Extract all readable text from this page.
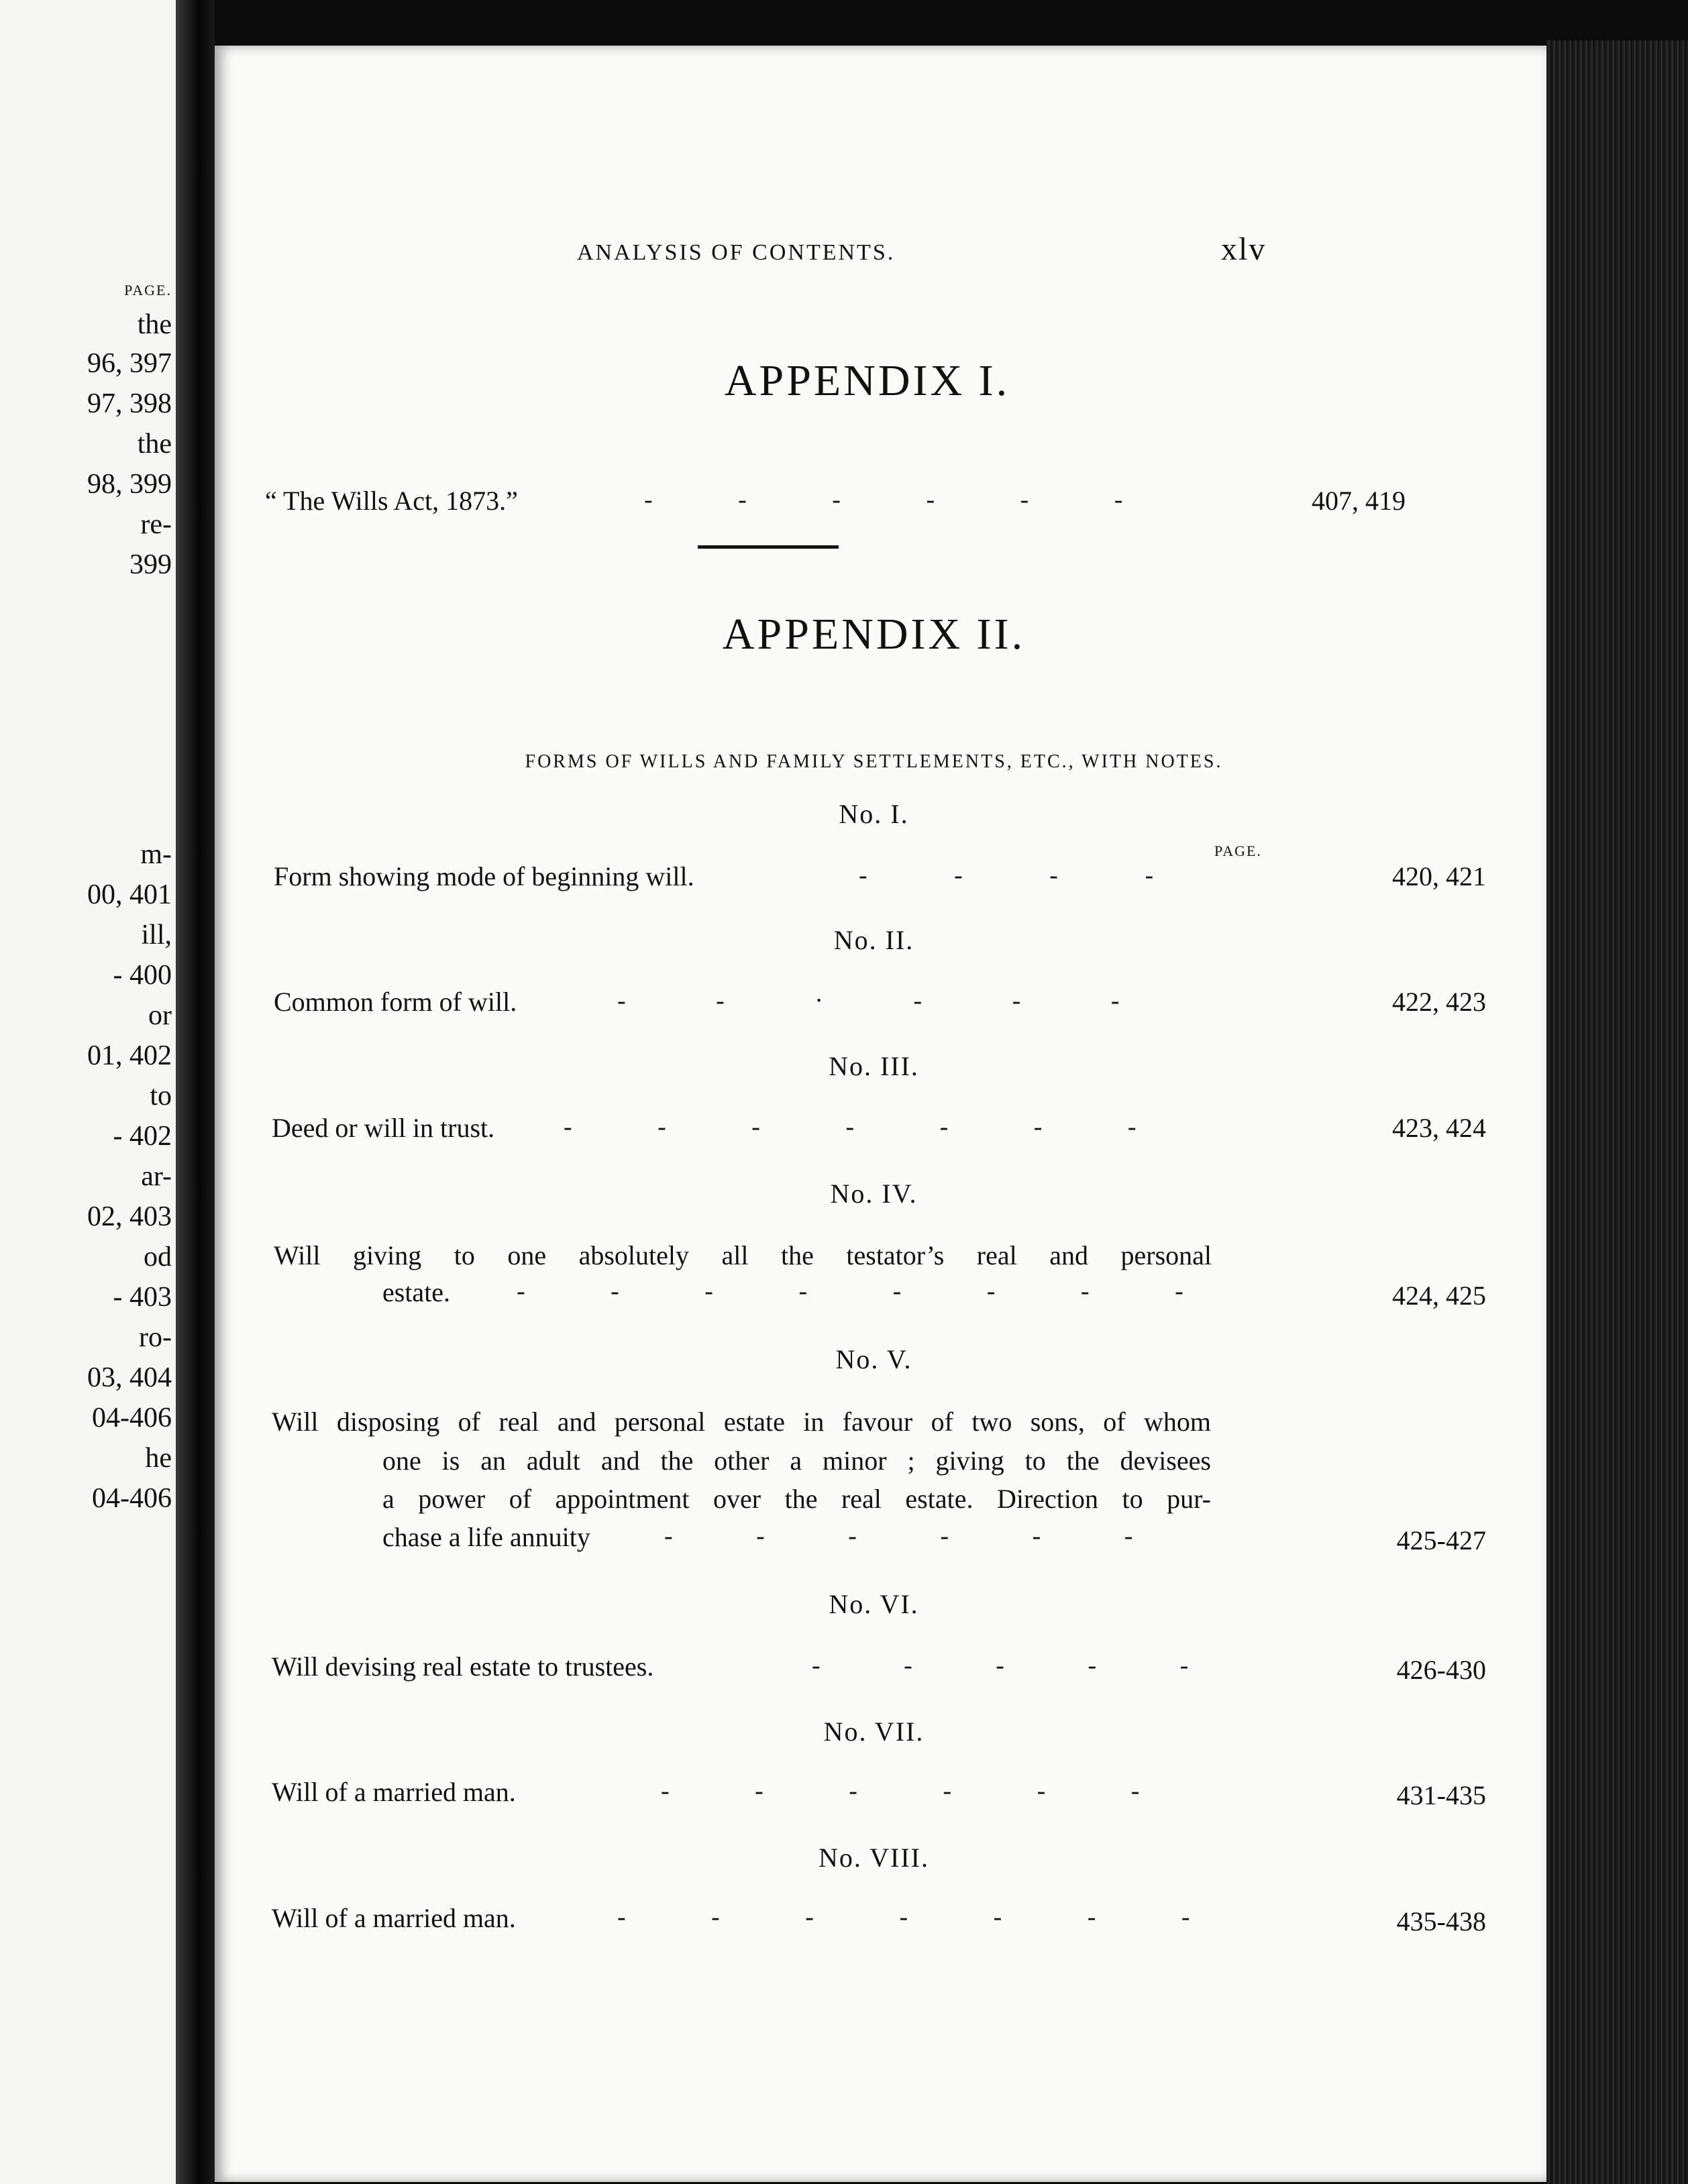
PAGE.
the
96, 397
97, 398
the
98, 399
re-
399
m-
00, 401
ill,
- 400
or
01, 402
to
- 402
ar-
02, 403
od
- 403
ro-
03, 404
04-406
he
04-406
ANALYSIS OF CONTENTS.	xlv
APPENDIX I.
“ The Wills Act, 1873.”	- - - - - -	407, 419
APPENDIX II.
FORMS OF WILLS AND FAMILY SETTLEMENTS, ETC., WITH NOTES.
No. I.
PAGE.
Form showing mode of beginning will.	- - - -	420, 421
No. II.
Common form of will.	- - · - - -	422, 423
No. III.
Deed or will in trust.	- - - - - - -	423, 424
No. IV.
Will giving to one absolutely all the testator’s real and personal
estate.	- - - - - - - -	424, 425
No. V.
Will disposing of real and personal estate in favour of two sons, of whom
one is an adult and the other a minor ; giving to the devisees
a power of appointment over the real estate. Direction to pur-
chase a life annuity	- - - - - -	425-427
No. VI.
Will devising real estate to trustees.	- - - - -	426-430
No. VII.
Will of a married man.	- - - - - -	431-435
No. VIII.
Will of a married man.	- - - - - - -	435-438
